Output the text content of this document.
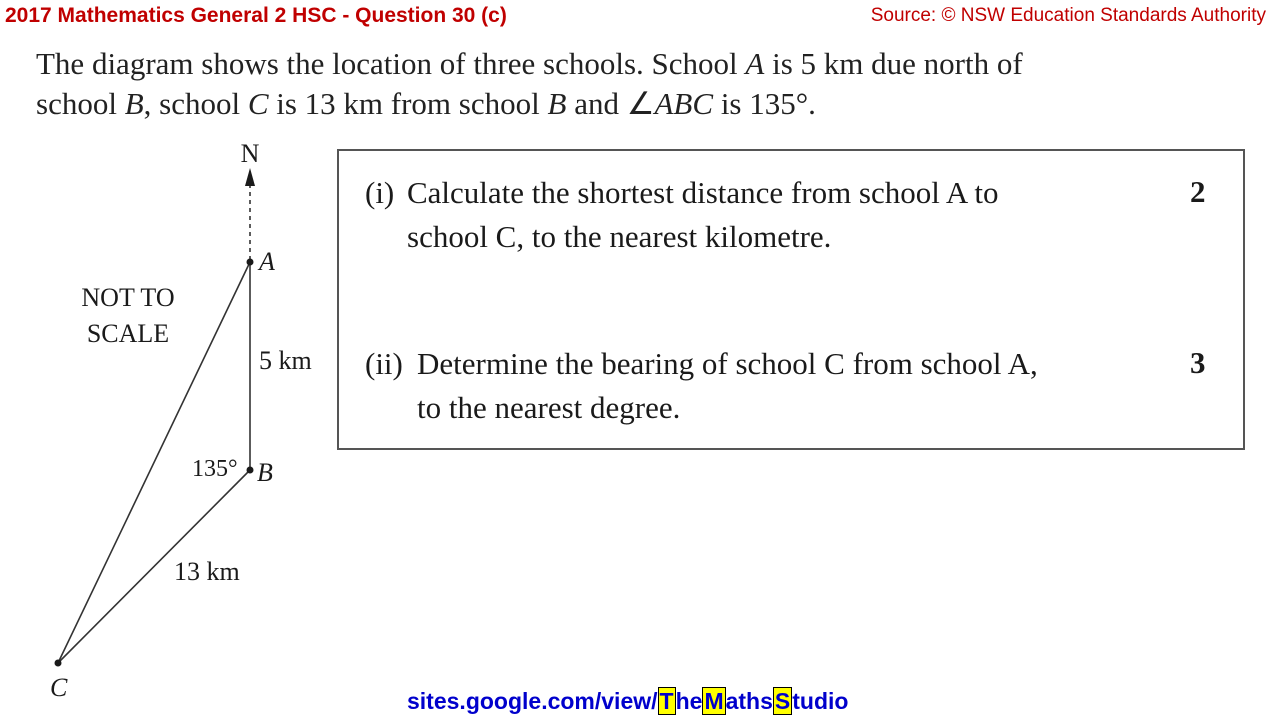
2017 Mathematics General 2 HSC - Question 30 (c)	Source: © NSW Education Standards Authority
The diagram shows the location of three schools. School A is 5 km due north of
school B, school C is 13 km from school B and ∠ABC is 135°.
N
A
B
C
NOT TO
SCALE
5 km
13 km
135°
(i) Calculate the shortest distance from school A to
school C, to the nearest kilometre.
2
(ii) Determine the bearing of school C from school A,
to the nearest degree.
3
sites.google.com/view/TheMathsStudio
